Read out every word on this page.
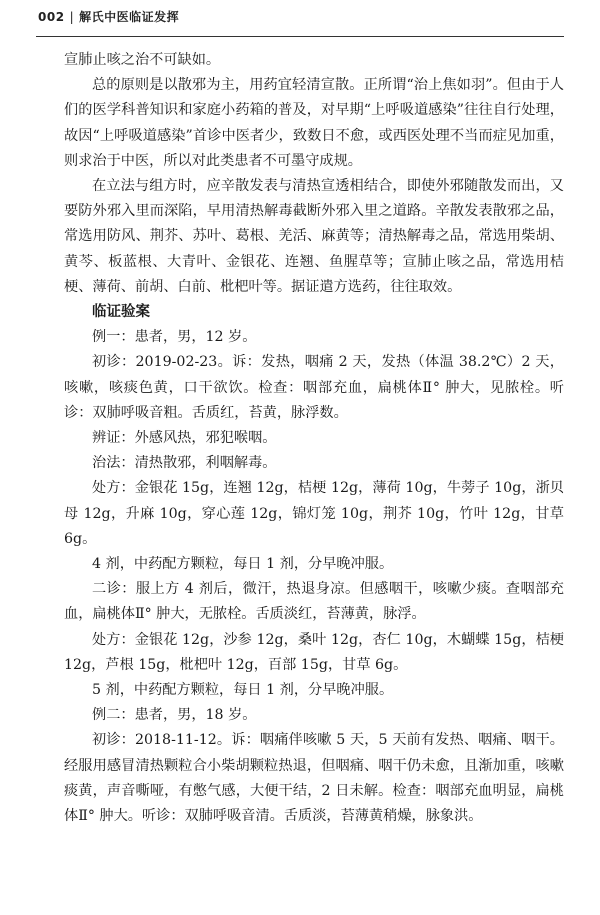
002 | 解氏中医临证发挥

宣肺止咳之治不可缺如。

总的原则是以散邪为主，用药宜轻清宣散。正所谓“治上焦如羽”。但由于人们的医学科普知识和家庭小药箱的普及，对早期“上呼吸道感染”往往自行处理，故因“上呼吸道感染”首诊中医者少，致数日不愈，或西医处理不当而症见加重，则求治于中医，所以对此类患者不可墨守成规。

在立法与组方时，应辛散发表与清热宣透相结合，即使外邪随散发而出，又要防外邪入里而深陷，早用清热解毒截断外邪入里之道路。辛散发表散邪之品，常选用防风、荆芥、苏叶、葛根、羌活、麻黄等；清热解毒之品，常选用柴胡、黄芩、板蓝根、大青叶、金银花、连翘、鱼腥草等；宣肺止咳之品，常选用桔梗、薄荷、前胡、白前、枇杷叶等。据证遣方选药，往往取效。

临证验案

例一：患者，男，12 岁。

初诊：2019-02-23。诉：发热，咽痛 2 天，发热（体温 38.2℃）2 天，咳嗽，咳痰色黄，口干欲饮。检查：咽部充血，扁桃体Ⅱ° 肿大，见脓栓。听诊：双肺呼吸音粗。舌质红，苔黄，脉浮数。

辨证：外感风热，邪犯喉咽。

治法：清热散邪，利咽解毒。

处方：金银花 15g，连翘 12g，桔梗 12g，薄荷 10g，牛蒡子 10g，浙贝母 12g，升麻 10g，穿心莲 12g，锦灯笼 10g，荆芥 10g，竹叶 12g，甘草 6g。

4 剂，中药配方颗粒，每日 1 剂，分早晚冲服。

二诊：服上方 4 剂后，微汗，热退身凉。但感咽干，咳嗽少痰。查咽部充血，扁桃体Ⅱ° 肿大，无脓栓。舌质淡红，苔薄黄，脉浮。

处方：金银花 12g，沙参 12g，桑叶 12g，杏仁 10g，木蝴蝶 15g，桔梗 12g，芦根 15g，枇杷叶 12g，百部 15g，甘草 6g。

5 剂，中药配方颗粒，每日 1 剂，分早晚冲服。

例二：患者，男，18 岁。

初诊：2018-11-12。诉：咽痛伴咳嗽 5 天，5 天前有发热、咽痛、咽干。经服用感冒清热颗粒合小柴胡颗粒热退，但咽痛、咽干仍未愈，且渐加重，咳嗽痰黄，声音嘶哑，有憋气感，大便干结，2 日未解。检查：咽部充血明显，扁桃体Ⅱ° 肿大。听诊：双肺呼吸音清。舌质淡，苔薄黄稍燥，脉象洪。
